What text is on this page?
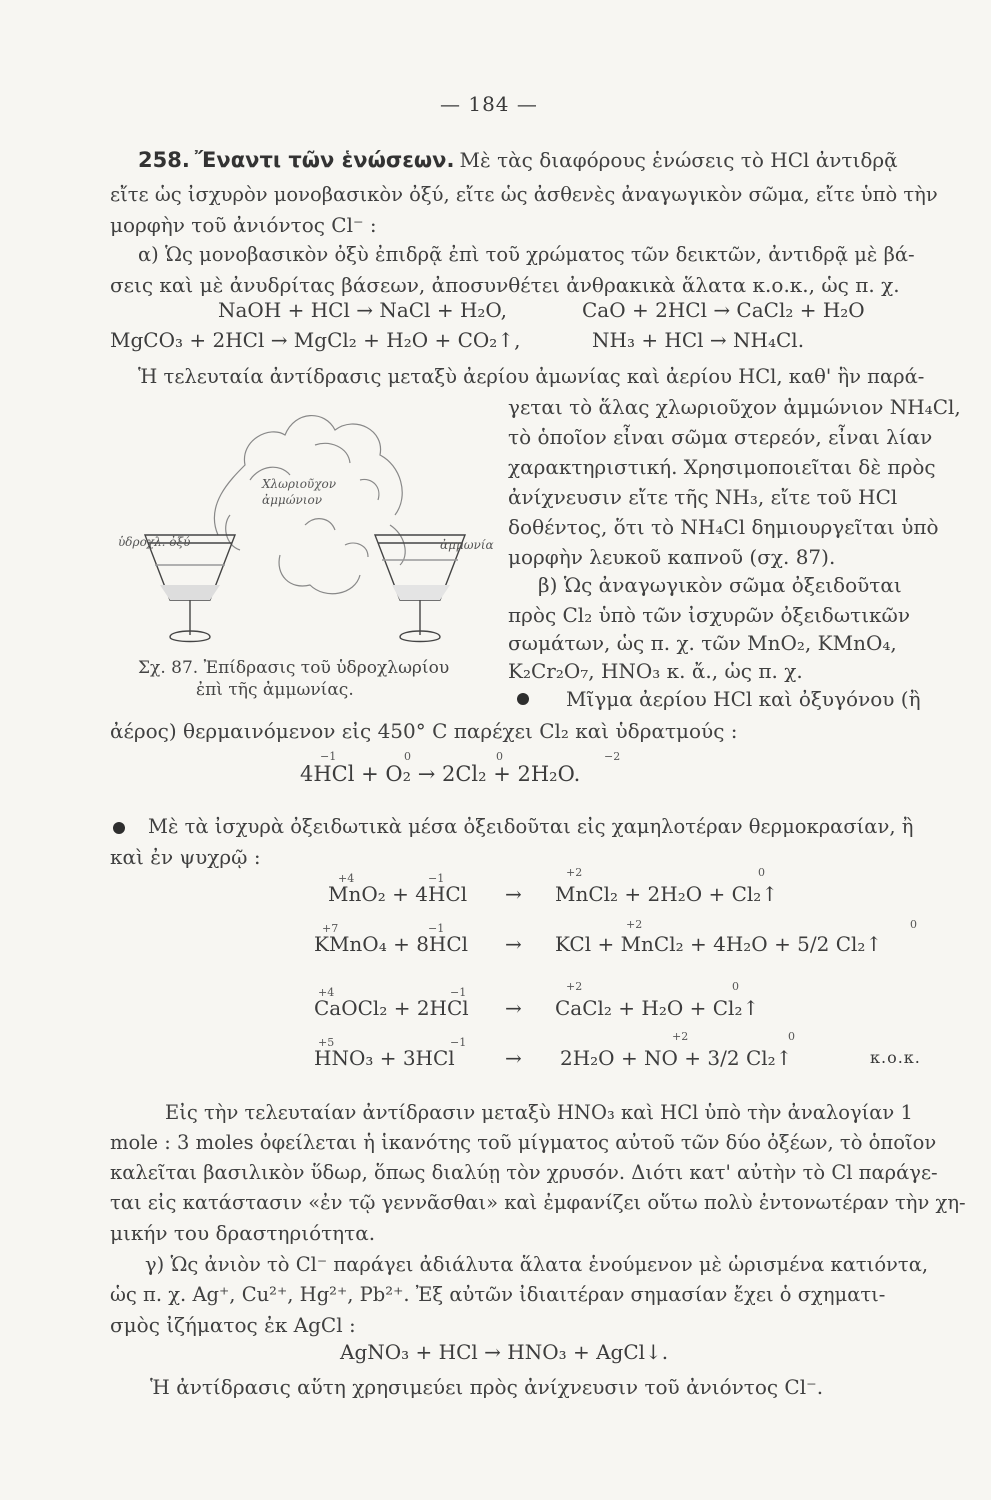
— 184 —
258. Ἔναντι τῶν ἑνώσεων. Μὲ τὰς διαφόρους ἑνώσεις τὸ HCl ἀντιδρᾷ
εἴτε ὡς ἰσχυρὸν μονοβασικὸν ὀξύ, εἴτε ὡς ἀσθενὲς ἀναγωγικὸν σῶμα, εἴτε ὑπὸ τὴν
μορφὴν τοῦ ἀνιόντος Cl⁻ :
α) Ὡς μονοβασικὸν ὀξὺ ἐπιδρᾷ ἐπὶ τοῦ χρώματος τῶν δεικτῶν, ἀντιδρᾷ μὲ βά-
σεις καὶ μὲ ἀνυδρίτας βάσεων, ἀποσυνθέτει ἀνθρακικὰ ἅλατα κ.ο.κ., ὡς π. χ.
NaOH + HCl → NaCl + H₂O,	CaO + 2HCl → CaCl₂ + H₂O
MgCO₃ + 2HCl → MgCl₂ + H₂O + CO₂↑,	NH₃ + HCl → NH₄Cl.
Ἡ τελευταία ἀντίδρασις μεταξὺ ἀερίου ἀμωνίας καὶ ἀερίου HCl, καθ' ἣν παρά-
γεται τὸ ἅλας χλωριοῦχον ἀμμώνιον NH₄Cl,
τὸ ὁποῖον εἶναι σῶμα στερεόν, εἶναι λίαν
χαρακτηριστική. Χρησιμοποιεῖται δὲ πρὸς
ἀνίχνευσιν εἴτε τῆς NH₃, εἴτε τοῦ HCl
δοθέντος, ὅτι τὸ NH₄Cl δημιουργεῖται ὑπὸ
μορφὴν λευκοῦ καπνοῦ (σχ. 87).
Χλωριοῦχον
ἀμμώνιον
ὑδροχλ. ὀξύ	ἀμμωνία
Σχ. 87. Ἐπίδρασις τοῦ ὑδροχλωρίου
ἐπὶ τῆς ἀμμωνίας.
β) Ὡς ἀναγωγικὸν σῶμα ὀξειδοῦται
πρὸς Cl₂ ὑπὸ τῶν ἰσχυρῶν ὀξειδωτικῶν
σωμάτων, ὡς π. χ. τῶν MnO₂, KMnO₄,
K₂Cr₂O₇, HNO₃ κ. ἄ., ὡς π. χ.
Μῖγμα ἀερίου HCl καὶ ὀξυγόνου (ἢ
ἀέρος) θερμαινόμενον εἰς 450° C παρέχει Cl₂ καὶ ὑδρατμούς :
−1	0	0	−2
4HCl + O₂ → 2Cl₂ + 2H₂O.
Μὲ τὰ ἰσχυρὰ ὀξειδωτικὰ μέσα ὀξειδοῦται εἰς χαμηλοτέραν θερμοκρασίαν, ἢ
καὶ ἐν ψυχρῷ :
+4	−1	+2	0
MnO₂ + 4HCl → MnCl₂ + 2H₂O + Cl₂↑
+7	−1	+2	0
KMnO₄ + 8HCl → KCl + MnCl₂ + 4H₂O + 5/2 Cl₂↑
+4	−1	+2	0
CaOCl₂ + 2HCl → CaCl₂ + H₂O + Cl₂↑
+5	−1	+2	0
HNO₃ + 3HCl	→ 2H₂O + NO + 3/2 Cl₂↑	κ.ο.κ.
Εἰς τὴν τελευταίαν ἀντίδρασιν μεταξὺ HNO₃ καὶ HCl ὑπὸ τὴν ἀναλογίαν 1
mole : 3 moles ὀφείλεται ἡ ἱκανότης τοῦ μίγματος αὐτοῦ τῶν δύο ὀξέων, τὸ ὁποῖον
καλεῖται βασιλικὸν ὕδωρ, ὅπως διαλύῃ τὸν χρυσόν. Διότι κατ' αὐτὴν τὸ Cl παράγε-
ται εἰς κατάστασιν «ἐν τῷ γεννᾶσθαι» καὶ ἐμφανίζει οὕτω πολὺ ἐντονωτέραν τὴν χη-
μικήν του δραστηριότητα.
γ) Ὡς ἀνιὸν τὸ Cl⁻ παράγει ἀδιάλυτα ἅλατα ἑνούμενον μὲ ὡρισμένα κατιόντα,
ὡς π. χ. Ag⁺, Cu²⁺, Hg²⁺, Pb²⁺. Ἐξ αὐτῶν ἰδιαιτέραν σημασίαν ἔχει ὁ σχηματι-
σμὸς ἰζήματος ἐκ AgCl :
AgNO₃ + HCl → HNO₃ + AgCl↓.
Ἡ ἀντίδρασις αὕτη χρησιμεύει πρὸς ἀνίχνευσιν τοῦ ἀνιόντος Cl⁻.
